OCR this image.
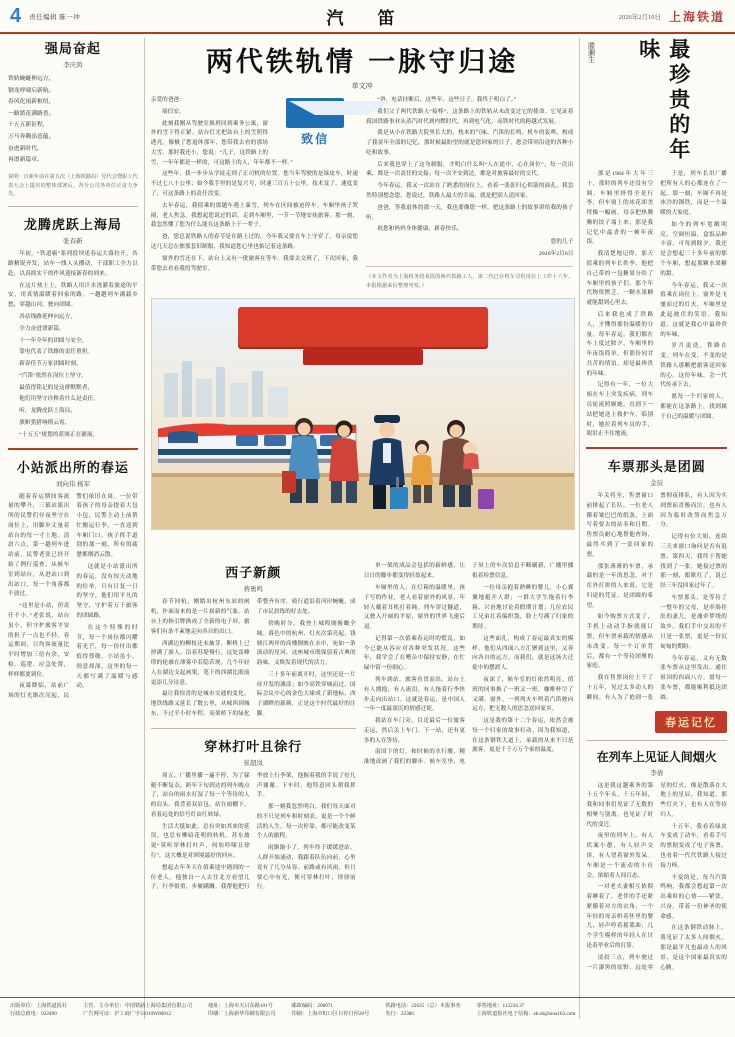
4 责任编辑 陈一冲	汽 笛	2026年2月10日 上海铁道
强局奋起
李庆鸿

铁轨蜿蜒伸远方，

钢龙呼啸启新航。

春风化雨新枢纽，

一路繁花满路香。

十五五新征程，

万马奔腾添意蕴。

奋进新时代，

再谱新篇章。

说明：自新年前在第五次（上海铁路局）党代会暨职工代表大会上提出的整体部署后，各分公司各单位正奋力争先。
龙腾虎跃上海局
张春新

年初，“铁道霸”系列段坝述春运大幕拉开，各路精锐齐发，站车一线人头攒动，干部职工全力以赴，以真抓实干的作风迎接新春的到来。

在这片热土上，铁路人用汗水浇灌着旅途的平安，用真情温暖着回家的路。一趟趟列车满载乡愁，穿越山河，驶向团圆。

各站线路延伸向远方，

全力奋进谱新篇。

十一年全年的团圆与安全，

靠电代表了铁路的责任重担。

新春佳节万家团圆时刻，

“汽笛”依然在岗位上坚守。

最值得铭记的是这群默默者，

他们用坚守诠释着什么是责任。

听，龙腾虎跃上海局，

旗帜猎猎响彻云霄，

“十五五”规划的蓝图正在铺展。

小站派出所的春运
刘向伟 杨军

随着春运期间客流量的攀升，三镇站派出所的民警们昼夜坚守在岗位上，用脚步丈量着站台的每一寸土地。清晨六点，第一趟列车进站前，民警老张已经开始了例行巡查，从候车室到站台，从进站口到出站口，每一个角落都不放过。

“这里是小站，但责任不小。”老张说，站台虽小，但守护旅客平安的担子一点也不轻。春运期间，日均客流量比平时增加三倍有余，安检、巡逻、应急处置，样样都要到位。

夜幕降临，站前广场的灯光渐次亮起，民警们依旧在岗。一位带着孩子的母亲提着大包小包，民警主动上前帮忙搬运行李，一直送到车厢门口。孩子挥手道别的那一刻，所有的疲惫都烟消云散。

这就是小站派出所的春运，没有惊天动地的壮举，只有日复一日的坚守。他们用平凡的坚守，守护着万千旅客的团圆路。

在这个特殊的时节，每一个岗位都闪耀着光芒，每一份付出都值得尊敬。小站虽小，情意却深，这里的每一天都写满了温暖与感动。

两代铁轨情 一脉守归途
单文冲
致信

亲爱的爸爸：

展信安。

此刻我刚从驾驶室换班回到乘务公寓，窗外的雪下得正紧。站台灯光把站台上的雪照得透亮，像极了您退休那年，您带我去看的那场大雪。那时我还小，您说：“儿子，这铁路上的雪，一年年都是一样的，可这路上的人，年年都不一样。”

这些年，我一步步从学徒走到了正司机的位置。您当年驾驶的是绿皮车，时速不过七八十公里；如今我手里的是复兴号，时速三百五十公里。技术变了，速度变了，可这条路上的责任没变。

去年春运，我值乘的那趟车遇上暴雪，列车在区间被迫停车。车厢里孩子哭闹，老人焦急。我想起您说过的话，走到车厢里，一节一节地安抚旅客。那一刻，我忽然懂了您为什么能在这条路上干一辈子。

爸，您总说铁路人的春节是在路上过的。今年我又要在车上守岁了。母亲说您这几天总在擦那套旧制服，我知道您心里也惦记着这条路。

窗外的雪还在下，站台上又有一批旅客在等车。我要去交班了，下次回家，我带您去看看我的驾驶室。

“爸，电话挂断后，这些年，这些日子，我终于明白了。”

我们父子两代铁路人“接棒”，这条路上的铁轨从未改变过它的使命。它见证着我国铁路事业从蒸汽时代到内燃时代，再到电气化、高铁时代的跨越式发展。

我是从小在铁路大院里长大的，枕木的气味、汽笛的长鸣、机车的轰鸣，构成了我童年全部的记忆。那时候最盼望的就是您回家的日子，您会带回沿途的各种小吃和故事。

后来我也穿上了这身制服，才明白什么叫“人在途中，心在岗位”。每一次出乘，都是一次责任的交接；每一次平安到达，都是对旅客最好的交代。

今年春运，我又一次站在了熟悉的岗位上。看着一张张归心似箭的面孔，我忽然特别想念您。您说过，铁路人最大的幸福，就是把别人送回家。

爸爸，等我退休的那一天，我也要像您一样，把这条路上的故事讲给我的孩子听。

祝您和妈妈身体健康，新春快乐。

您的儿子

2026年2月6日

（本文作者为上海机务段某段的两代铁路工人，第二代已在机车司机岗位上工作十六年。本报根据来信整理刊发。）

西子新颜
蒋勇鸣

春节回杭，刚踏出杭州东站的闸机，扑面而来的是一片崭新的气象。站台上的指引牌换成了全新的电子屏，旅客们有条不紊地走向各自的出口。

西湖边的柳枝还未抽芽，断桥上已挤满了游人。沿着苏堤慢行，远处雷峰塔的轮廓在薄雾中若隐若现。几个年轻人在湖边支起画架，笔下的西湖比眼前更添几分诗意。

最让我惊喜的是城市交通的变化。地铁线路又延长了数公里，从城西到城东，不过半小时车程。高架桥下的绿化带整齐有序，骑行道沿着河岸蜿蜒，成了市民晨练的好去处。

傍晚时分，我登上城隍阁俯瞰全城。暮色中的杭州，灯火次第亮起，钱塘江两岸的高楼倒映在水中，宛如一条流动的星河。这座城市既保留着古典的韵味，又焕发着现代的活力。

三十多年前离开时，这里还是一片待开发的滩涂；如今高铁穿城而过，国际会议中心的金色大球成了新地标。西子湖畔的新颜，正是这个时代最好的注脚。

穿林打叶且徐行
崔超岚

周五，广播里播一遍不停，为了躲避不断复杂，跨年下旬到达的列车晚点了，站台的雨水打湿了每一个等待的人的肩头。我背着双肩包，站在雨棚下，看着远处的信号灯由红转绿。

生活大抵如此，总有突如其来的延误，也总有柳暗花明的转机。苏东坡说“莫听穿林打叶声，何妨吟啸且徐行”，这大概是对困境最好的回应。

想起去年冬天在值乘途中遇到的一位老人。他独自一人去往北方看望儿子，行李很重，步履蹒跚。我帮他把行李放上行李架，他握着我的手说了好几声谢谢。下车时，他特意回头朝我挥手。

那一刻我忽然明白，我们每天面对的不只是列车和时刻表，更是一个个鲜活的人生。每一次停靠，都可能改变某个人的旅程。

雨渐渐小了，列车终于缓缓进站。人群开始涌动，我跟着队伍向前，心里竟有了几分从容。前路或有风雨，但只要心中有光，便可穿林打叶，徐徐前行。

单一架的成品会包括的新鲜感，让日日的脚步都变得轻盈起来。

车厢里的人，在灯箱的温暖里，孩子写的作业，老人看着窗外的风景，年轻人戴着耳机打着盹。列车穿过隧道，又驶入开阔的平原，窗外的世界飞速后退。

记得第一次值乘春运时的慌乱，如今已能从容应对各种突发状况。这些年，我学会了在嘈杂中保持安静，在忙碌中留一份细心。

列车到站，旅客鱼贯而出。站台上有人拥抱，有人流泪，有人拖着行李快步走向出站口。这就是春运，是中国人一年一度最深沉的情感迁徙。

我站在车门旁，目送最后一位旅客走远，然后关上车门。下一站，还有更多的人在等待。

南国下的灯，和时候的水行腰，精准地改画了我们的脚步。候车室里，电子屏上的车次信息不断刷新，广播里播报着检票信息。

一位母亲抱着熟睡的婴儿，小心翼翼地避开人群；一群大学生拖着行李箱，兴奋地讨论着假期计划；几位农民工兄弟扛着编织袋，脸上写满了归家的期待。

这些面孔，构成了春运最真实的模样。他们从四面八方汇聚到这里，又奔向各自的远方。而我们，就是这场大迁徙中的摆渡人。

夜深了，候车室的灯依然明亮。值班的同事换了一班又一班，咖啡杯空了又满。窗外，一列列火车鸣着汽笛驶向远方，把无数人的思念送回家乡。

这是我的第十二个春运，依然会被每一个归家的故事打动。因为我知道，在这条钢铁大道上，承载的从来不只是旅客，更是千千万万个家的温度。

滕灏生	最珍贵的年味

那是1984年大年三十，那时的列车还没有空调，车厢里挤得全是行李，但车窗上的冰花却美得像一幅画。母亲把热腾腾的饺子端上来，那是我记忆中最香的一顿年夜饭。

我清楚地记得，那天值乘的列车长姓李，他把自己带的一包糖果分给了车厢里的孩子们。那个年代物资匮乏，一颗水果糖就能甜到心里去。

后来我也成了铁路人，才懂得那份温暖的分量。每年春运，我们都在车上度过除夕。车厢里的年夜饭简单，但那份同甘共苦的情谊，却是最珍贵的年味。

记得有一年，一位大姐在车上突发疾病，列车员轮流照顾她，直到下一站把她送上救护车。临别时，她拉着列车员的手，眼泪止不住地流。

于是，列车长用广播把所有人的心都连在了一起。那一刻，车厢不再是冰冷的钢铁，而是一个温暖的大家庭。

如今的列车宽敞明亮，空调恒温，盒饭品种丰富。可每到除夕，我还是会想起三十多年前的那个车厢，想起那颗水果糖的甜。

今年春运，我又一次值乘在岗位上。窗外是飞驰而过的灯火，车厢里是此起彼伏的笑语。我知道，这就是我心中最珍贵的年味。

岁月更迭，铁路在变，列车在变，不变的是铁路人那颗把旅客送回家的心。这份年味，会一代代传承下去。

愿每一个归家的人，都能在这条路上，找到属于自己的温暖与团圆。

车票那头是团圆
金辰

年关将至，售票窗口前排起了长队。一位老人攥着皱巴巴的纸条，上面写着要去的站名和日期。售票员耐心地帮他查询，最终买到了一张回家的票。

那张薄薄的车票，承载的是一年的思念。对于在外打拼的人来说，它是归途的凭证，是团圆的希望。

如今购票方式变了，手机上动动手指就能订票，但车票承载的情感从未改变。每一个订单背后，都有一个等待团聚的家庭。

我在售票岗位上干了十五年，见过太多动人的瞬间。有人为了抢到一张票彻夜排队，有人因为买到票而喜极而泣，也有人因为临时改签而焦急万分。

记得有位大姐，连续三天来窗口询问是否有退票。第四天，我终于帮她找到了一张。她接过票的那一刻，眼眶红了，说已经三年没回家过年了。

车票那头，是等待了一整年的父母，是牵肠挂肚的妻儿，是魂牵梦绕的故乡。我们手中交出的不只是一张票，更是一份沉甸甸的期盼。

今年春运，又有无数张车票从这里发出，通往祖国的四面八方。愿每一张车票，都能顺利抵达团圆。

春运记忆
在列车上见证人间烟火
李倩

这是我这趟乘务的第十五个年头。十五年间，我和同事们见证了无数的相聚与别离，也见证了时代的变迁。

夜里的列车上，有人伏案小憩，有人轻声交谈，有人望着窗外发呆。车厢是一个流动的小社会，浓缩着人间百态。

一对老夫妻相互依偎着睡着了，老伴的手还紧紧攥着对方的衣角；一个年轻的母亲哄着怀里的婴儿，轻声哼着摇篮曲；几个学生模样的年轻人在讨论着毕业后的打算。

凌晨三点，列车驶过一片漆黑的原野。远处零星的灯火，像是散落在大地上的星辰。我知道，那些灯火下，也有人在等待归人。

十五年，我看着绿皮车变成了动车，看着手写的票据变成了电子客票，也看着一代代铁路人接过接力棒。

不变的是，每当汽笛鸣响，我都会想起第一次出乘时的心情——紧张、兴奋，带着一份神圣的使命感。

在这条钢铁动脉上，我见证了太多人间烟火。那是最平凡也最动人的风景，是这个国家最真实的心跳。

出版单位：上海铁道报社
行政总值电：022490
主管、主办单位：中国铁路上海局集团有限公司
广告网可证：沪工商广字31010W00012
地址：上海市天目东路101号
印刷：上海新华印刷有限公司
邮政编码：200071
印刷：上海市虹口区日停日停20号
铁路电话：22635（总）本报事务
发行：22386
零售地址：112234.37
上海铁道报社电子信箱：sh.sh@sina163.com
